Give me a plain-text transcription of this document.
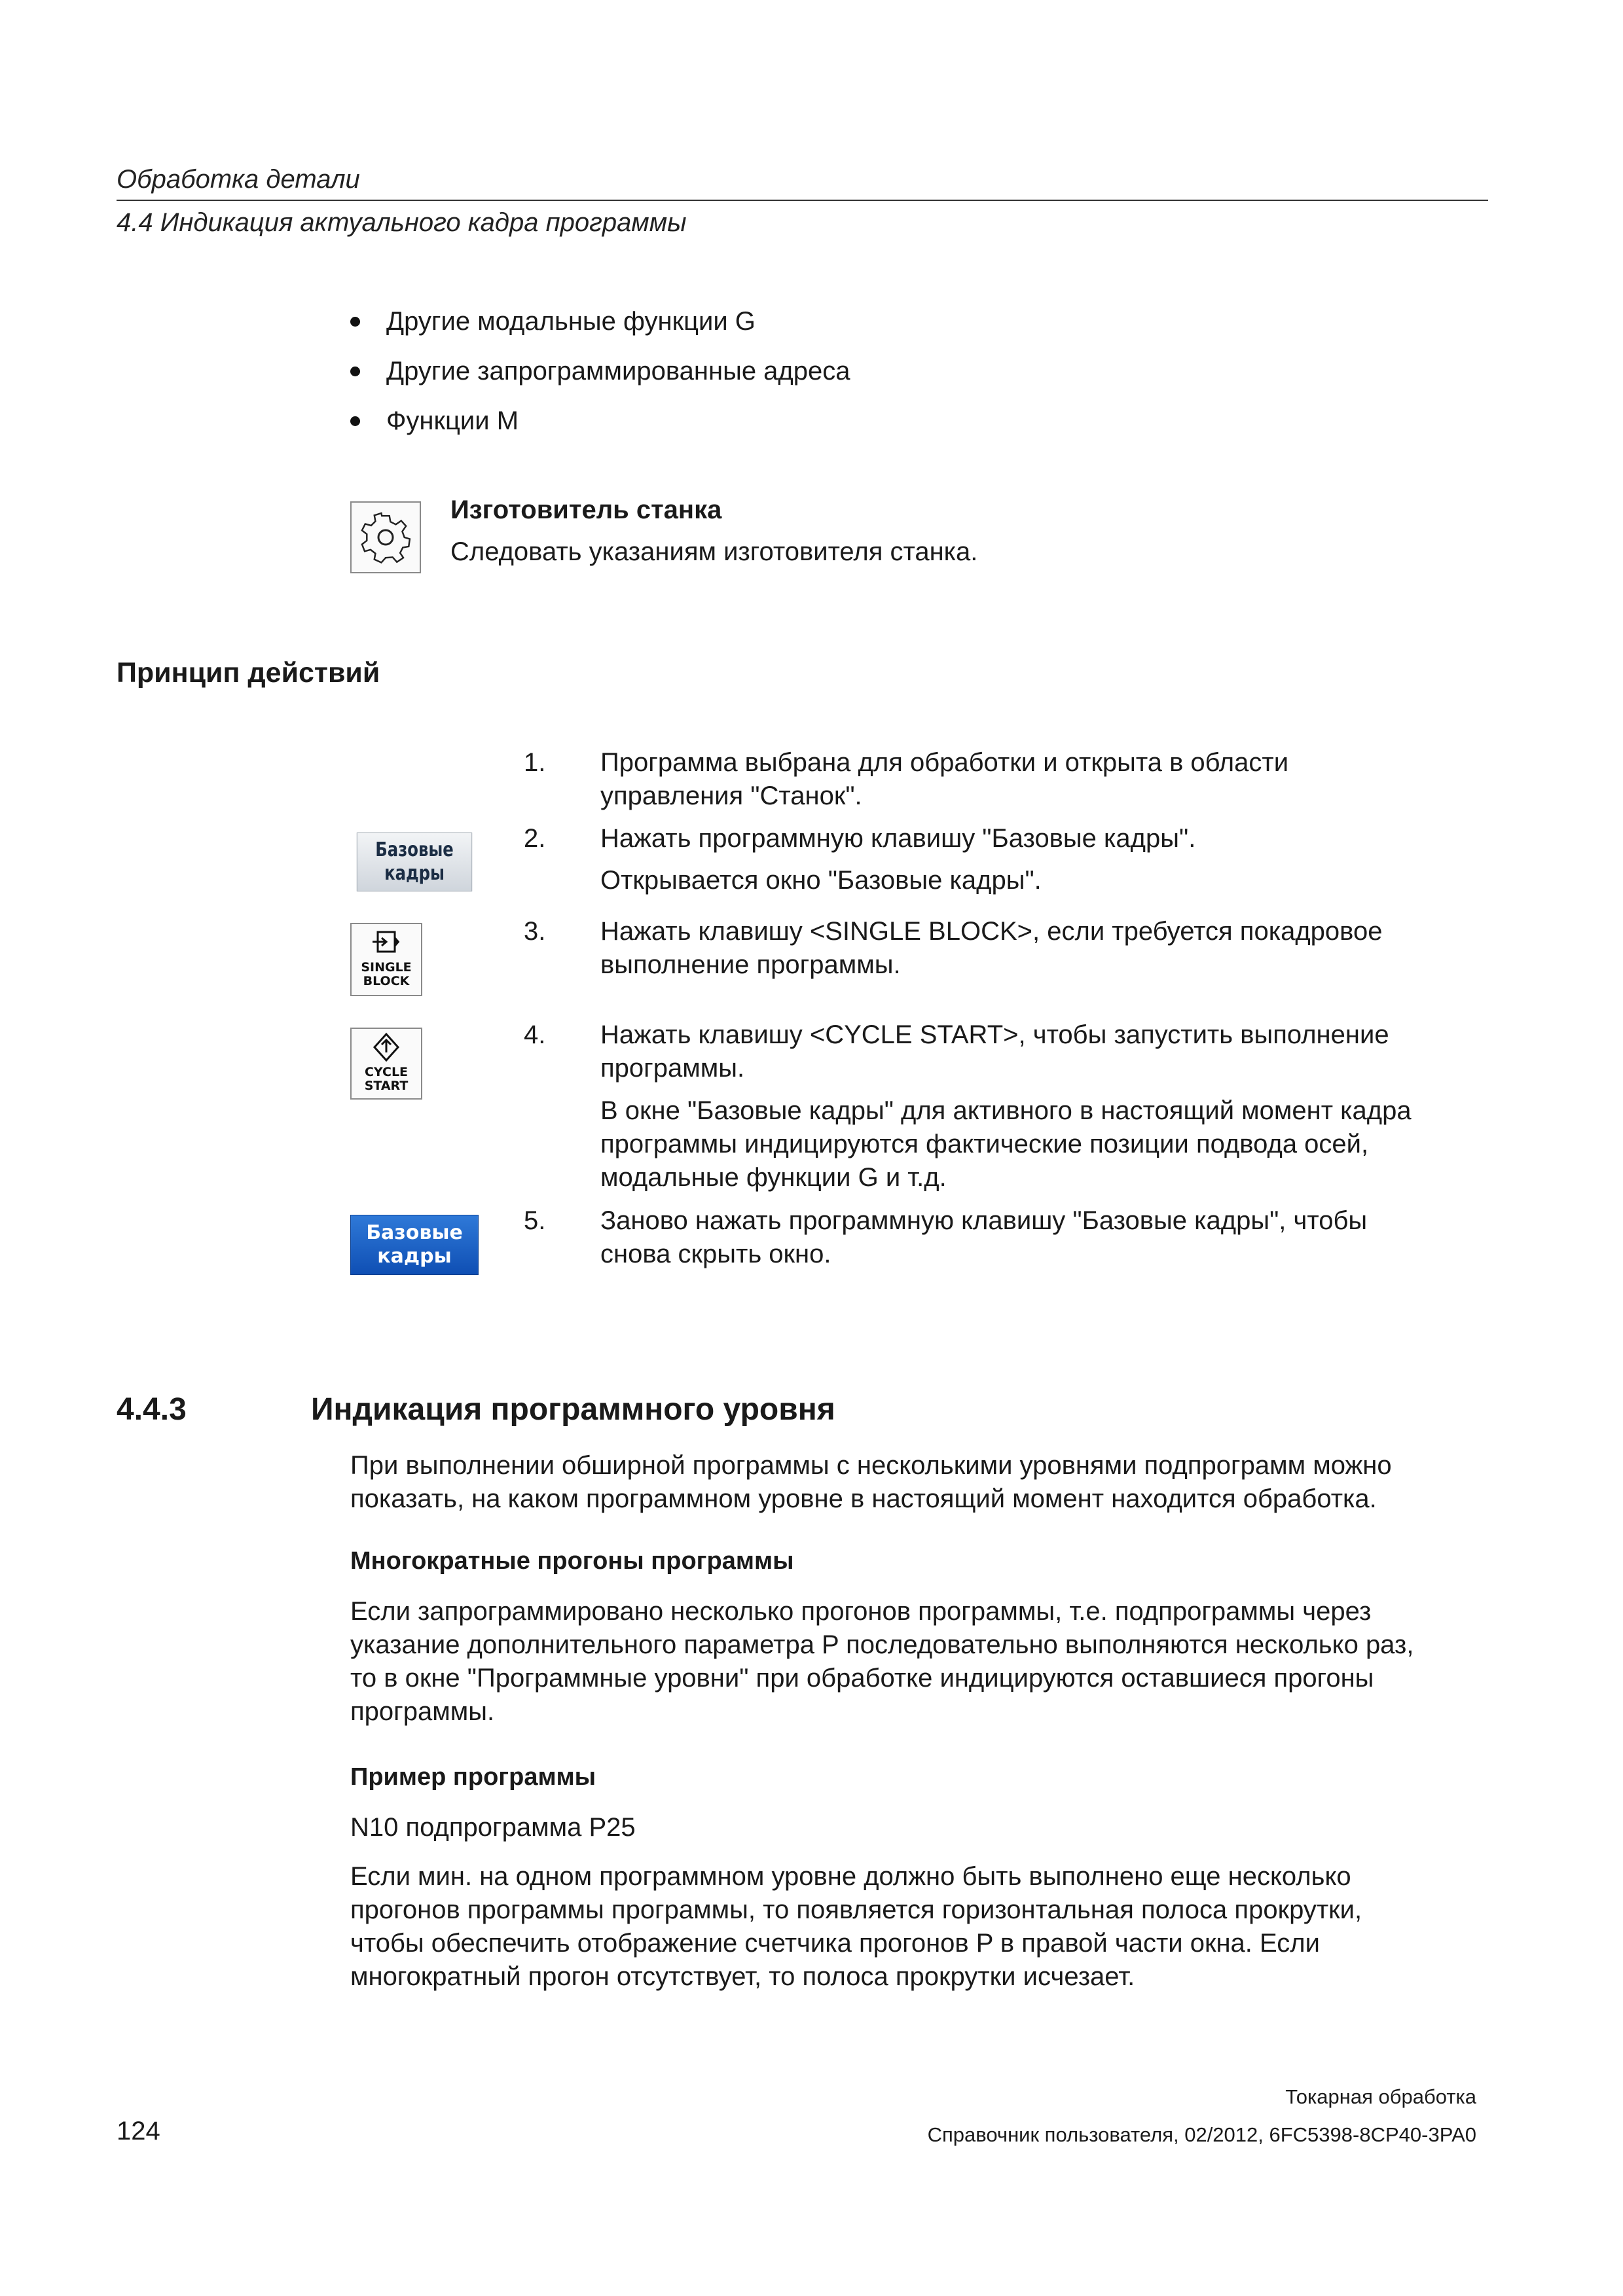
Обработка детали
4.4 Индикация актуального кадра программы
Другие модальные функции G
Другие запрограммированные адреса
Функции M
Изготовитель станка
Следовать указаниям изготовителя станка.
Принцип действий
1. Программа выбрана для обработки и открыта в области
управления "Станок".
Базовые
кадры
2. Нажать программную клавишу "Базовые кадры".
Открывается окно "Базовые кадры".
SINGLE
BLOCK
3. Нажать клавишу <SINGLE BLOCK>, если требуется покадровое
выполнение программы.
CYCLE
START
4. Нажать клавишу <CYCLE START>, чтобы запустить выполнение
программы.
В окне "Базовые кадры" для активного в настоящий момент кадра
программы индицируются фактические позиции подвода осей,
модальные функции G и т.д.
Базовые
кадры
5. Заново нажать программную клавишу "Базовые кадры", чтобы
снова скрыть окно.
4.4.3	Индикация программного уровня
При выполнении обширной программы с несколькими уровнями подпрограмм можно
показать, на каком программном уровне в настоящий момент находится обработка.
Многократные прогоны программы
Если запрограммировано несколько прогонов программы, т.е. подпрограммы через
указание дополнительного параметра P последовательно выполняются несколько раз,
то в окне "Программные уровни" при обработке индицируются оставшиеся прогоны
программы.
Пример программы
N10 подпрограмма P25
Если мин. на одном программном уровне должно быть выполнено еще несколько
прогонов программы программы, то появляется горизонтальная полоса прокрутки,
чтобы обеспечить отображение счетчика прогонов P в правой части окна. Если
многократный прогон отсутствует, то полоса прокрутки исчезает.
Токарная обработка
124	Справочник пользователя, 02/2012, 6FC5398-8CP40-3PA0
